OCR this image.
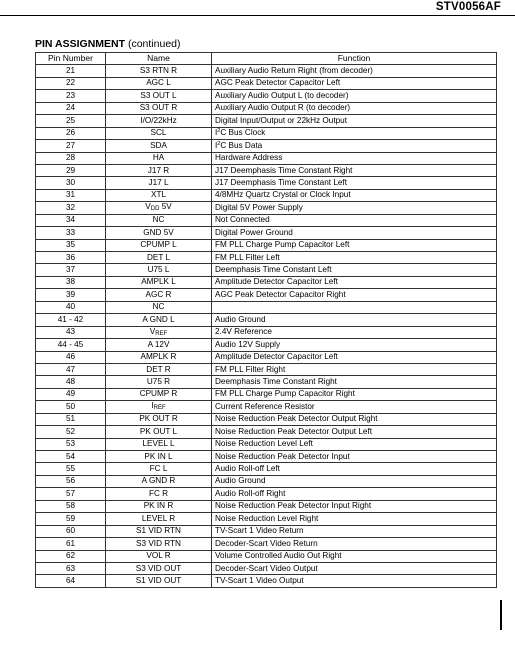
STV0056AF
PIN ASSIGNMENT (continued)
Pin Number	Name	Function
21	S3 RTN R	Auxiliary Audio Return Right (from decoder)
22	AGC L	AGC Peak Detector Capacitor Left
23	S3 OUT L	Auxiliary Audio Output L (to decoder)
24	S3 OUT R	Auxiliary Audio Output R (to decoder)
25	I/O/22kHz	Digital Input/Output or 22kHz Output
26	SCL	$I^2C$ Bus Clock
27	SDA	$I^2C$ Bus Data
28	HA	Hardware Address
29	J17 R	J17 Deemphasis Time Constant Right
30	J17 L	J17 Deemphasis Time Constant Left
31	XTL	4/8MHz Quartz Crystal or Clock Input
32	VDD 5V	Digital 5V Power Supply
34	NC	Not Connected
33	GND 5V	Digital Power Ground
35	CPUMP L	FM PLL Charge Pump Capacitor Left
36	DET L	FM PLL Filter Left
37	U75 L	Deemphasis Time Constant Left
38	AMPLK L	Amplitude Detector Capacitor Left
39	AGC R	AGC Peak Detector Capacitor Right
40	NC	
41 - 42	A GND L	Audio Ground
43	VREF	2.4V Reference
44 - 45	A 12V	Audio 12V Supply
46	AMPLK R	Amplitude Detector Capacitor Left
47	DET R	FM PLL Filter Right
48	U75 R	Deemphasis Time Constant Right
49	CPUMP R	FM PLL Charge Pump Capacitor Right
50	IREF	Current Reference Resistor
51	PK OUT R	Noise Reduction Peak Detector Output Right
52	PK OUT L	Noise Reduction Peak Detector Output Left
53	LEVEL L	Noise Reduction Level Left
54	PK IN L	Noise Reduction Peak Detector Input
55	FC L	Audio Roll-off Left
56	A GND R	Audio Ground
57	FC R	Audio Roll-off Right
58	PK IN R	Noise Reduction Peak Detector Input Right
59	LEVEL R	Noise Reduction Level Right
60	S1 VID RTN	TV-Scart 1 Video Return
61	S3 VID RTN	Decoder-Scart Video Return
62	VOL R	Volume Controlled Audio Out Right
63	S3 VID OUT	Decoder-Scart Video Output
64	S1 VID OUT	TV-Scart 1 Video Output
